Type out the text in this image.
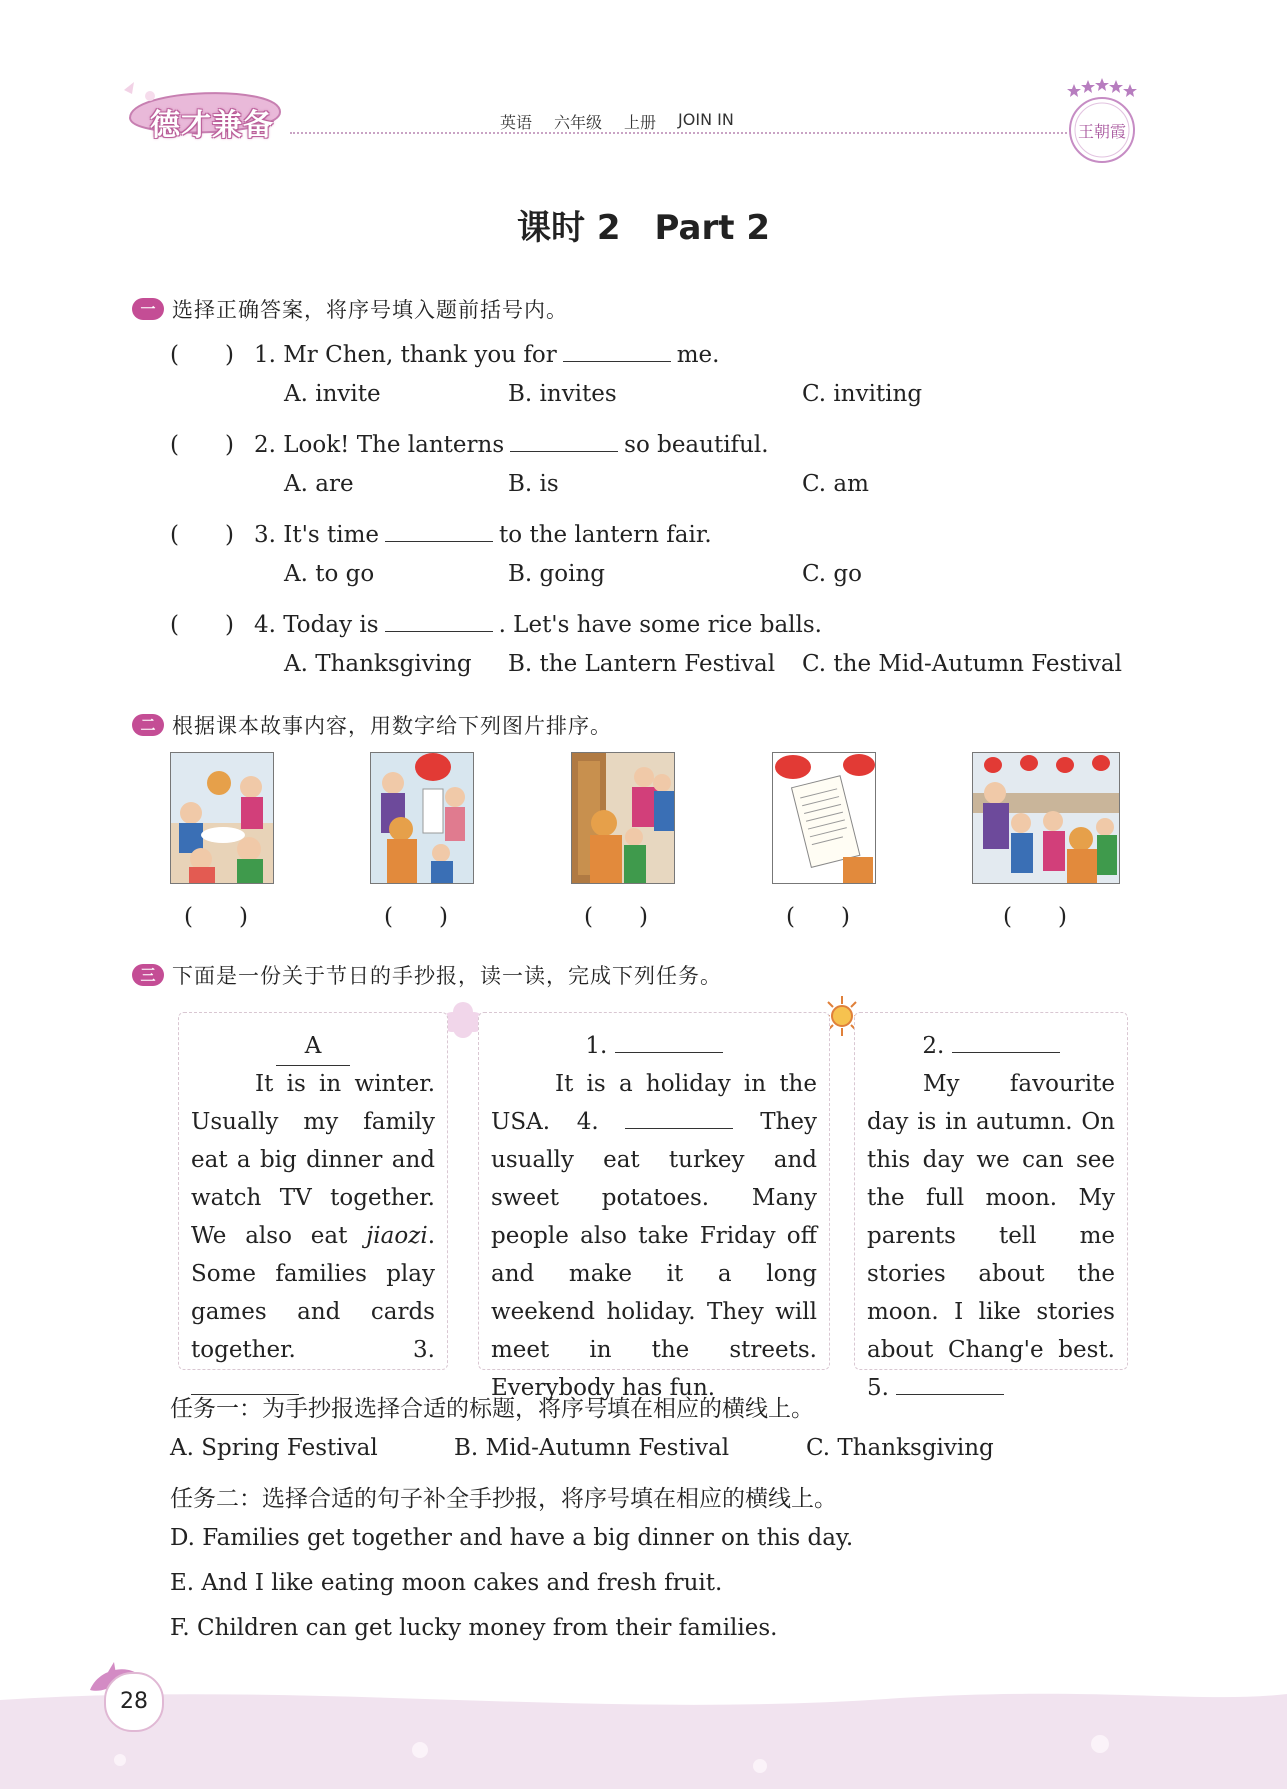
德才兼备	英语 六年级 上册 JOIN IN
王朝霞
课时 2　Part 2
一 选择正确答案，将序号填入题前括号内。
(　　) 1. Mr Chen, thank you for	me.
A. invite	B. invites	C. inviting
(　　) 2. Look! The lanterns	so beautiful.
A. are	B. is	C. am
(　　) 3. It's time	to the lantern fair.
A. to go	B. going	C. go
(　　) 4. Today is	. Let's have some rice balls.
A. Thanksgiving B. the Lantern Festival C. the Mid-Autumn Festival
二 根据课本故事内容，用数字给下列图片排序。
(　　)	(　　)	(　　)	(　　)	(　　)
三 下面是一份关于节日的手抄报，读一读，完成下列任务。
A
It is in winter. Usually my family eat a big dinner and watch TV together. We also eat jiaozi. Some families play games and cards together. 3.
1.
It is a holiday in the USA. 4.	They usually eat turkey and sweet potatoes. Many people also take Friday off and make it a long weekend holiday. They will meet in the streets. Everybody has fun.
2.
My favourite day is in autumn. On this day we can see the full moon. My parents tell me stories about the moon. I like stories about Chang'e best. 5.
任务一：为手抄报选择合适的标题，将序号填在相应的横线上。
A. Spring Festival	B. Mid-Autumn Festival	C. Thanksgiving
任务二：选择合适的句子补全手抄报，将序号填在相应的横线上。
D. Families get together and have a big dinner on this day.
E. And I like eating moon cakes and fresh fruit.
F. Children can get lucky money from their families.
28
